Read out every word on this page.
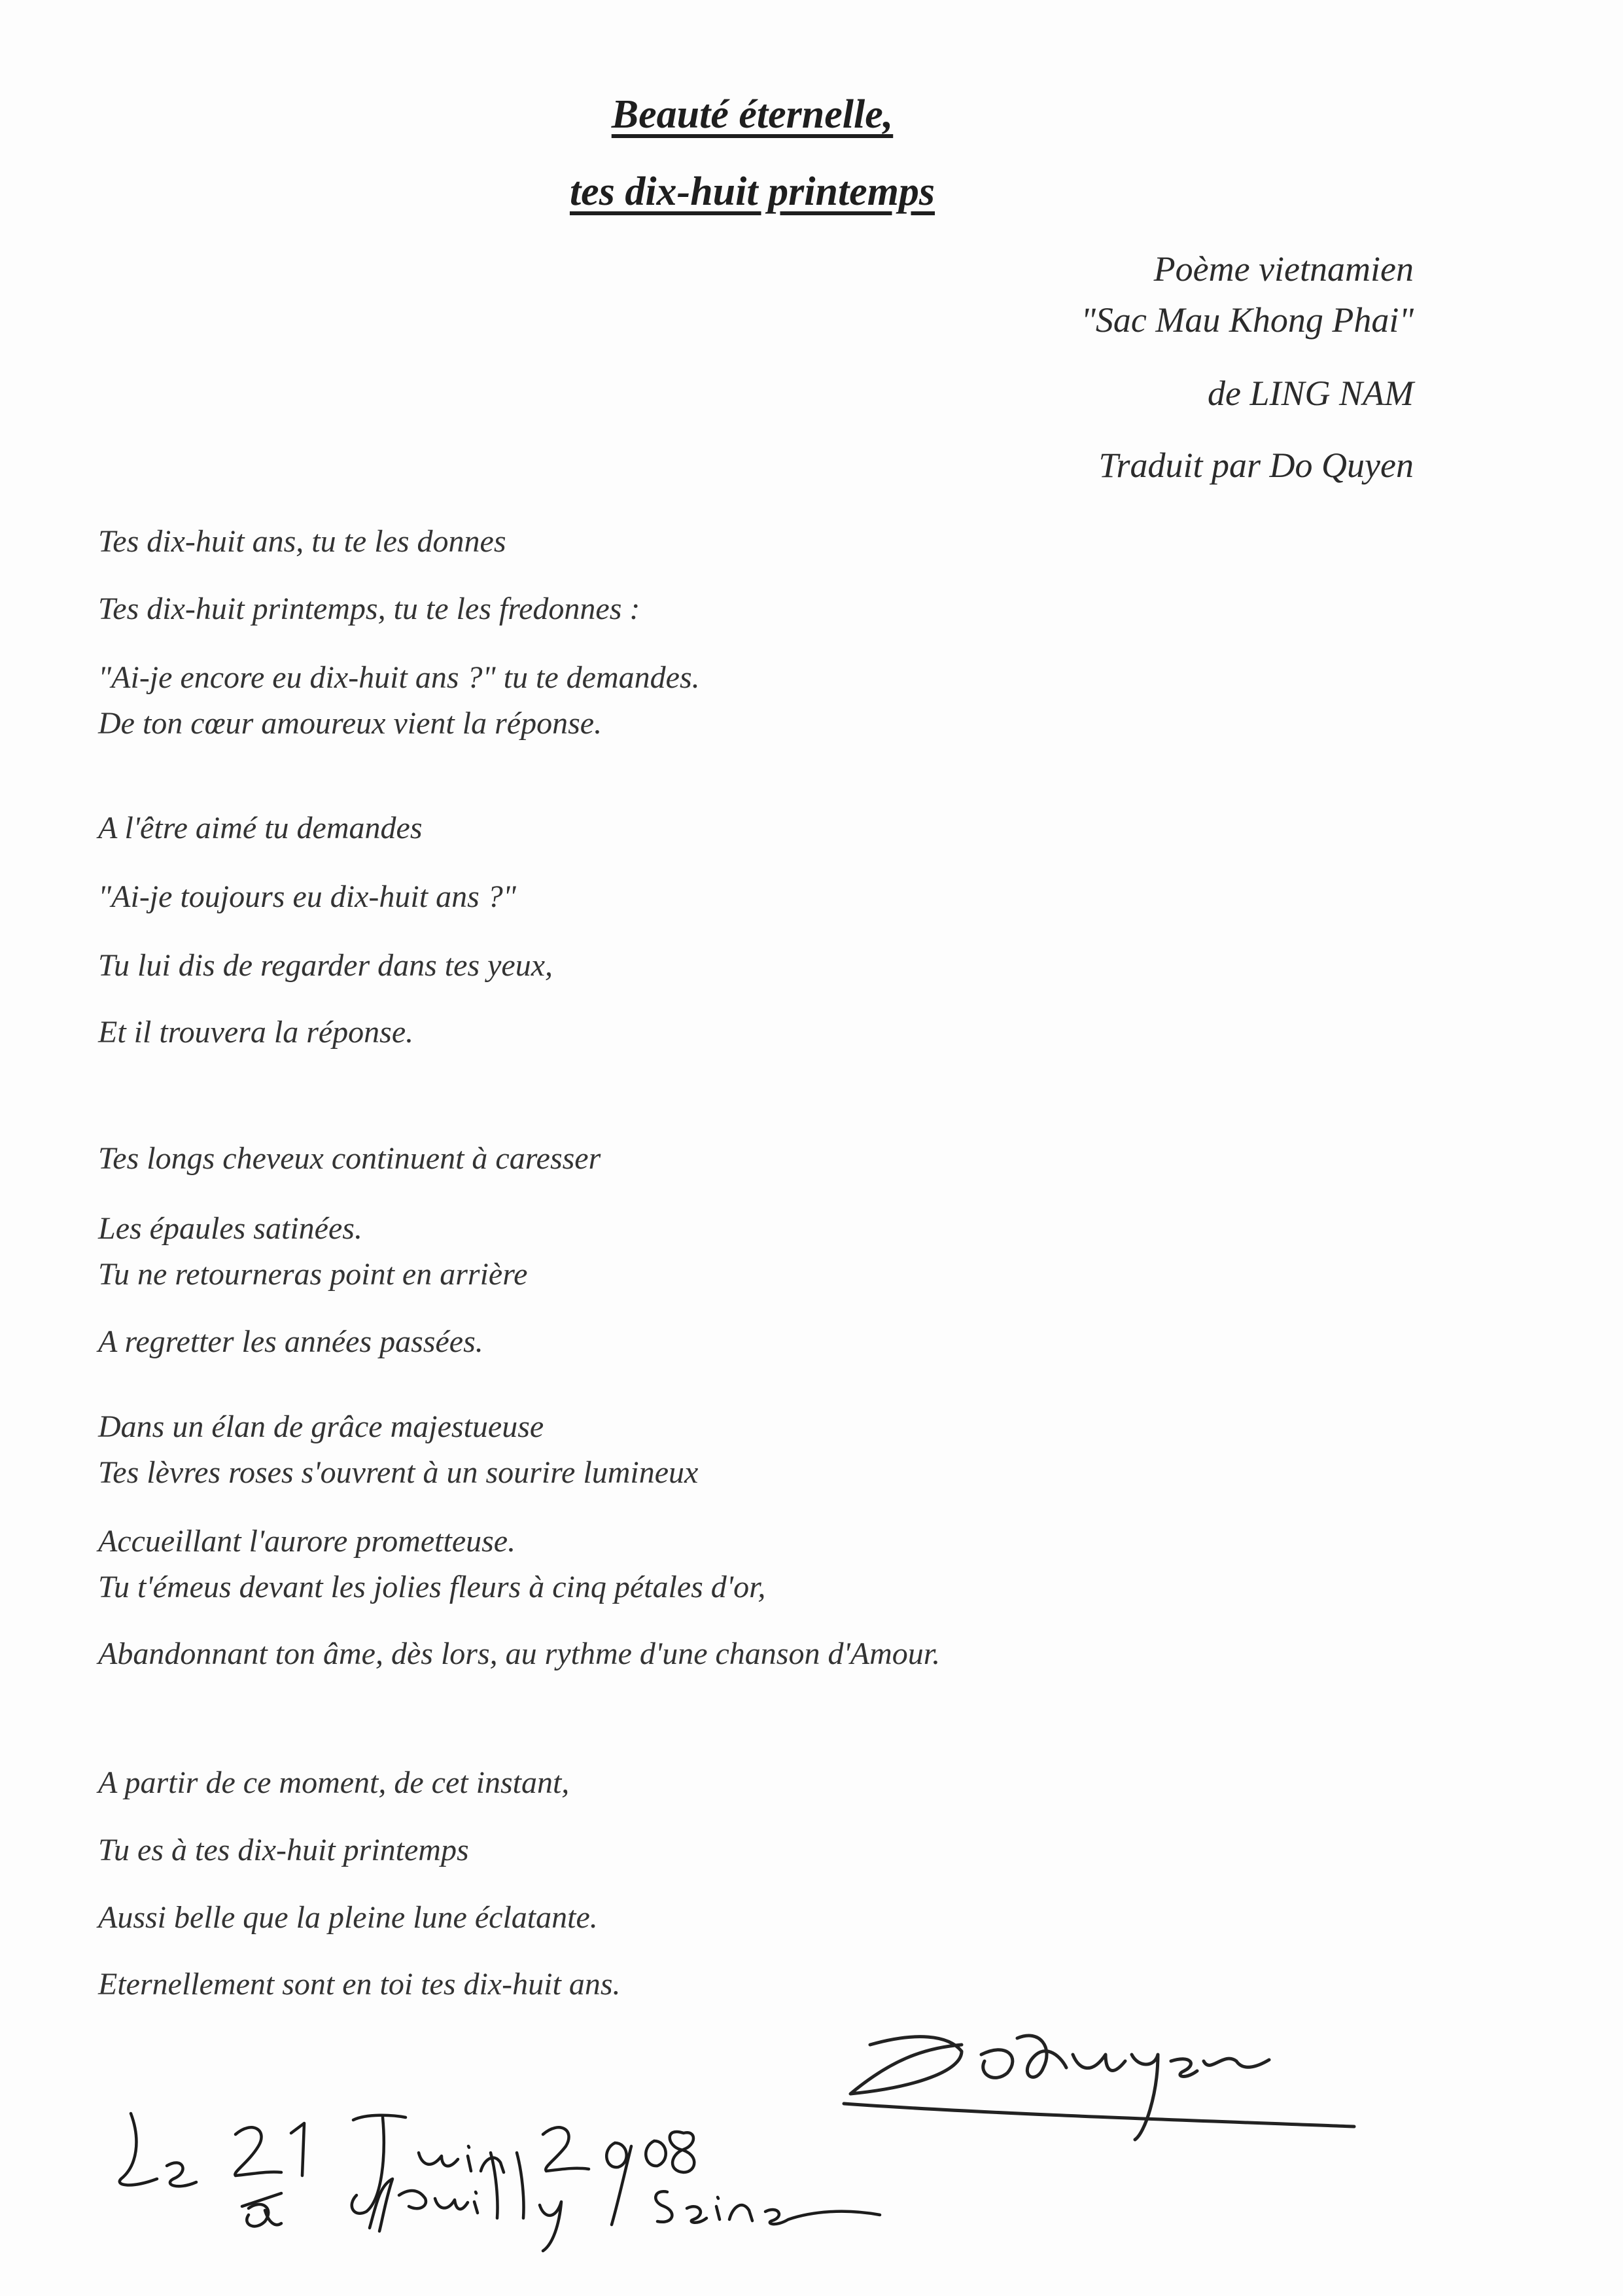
Beauté éternelle,
tes dix-huit printemps
Poème vietnamien
"Sac Mau Khong Phai"
de LING NAM
Traduit par Do Quyen
Tes dix-huit ans, tu te les donnes
Tes dix-huit printemps, tu te les fredonnes :
"Ai-je encore eu dix-huit ans ?" tu te demandes.
De ton cœur amoureux vient la réponse.
A l'être aimé tu demandes
"Ai-je toujours eu dix-huit ans ?"
Tu lui dis de regarder dans tes yeux,
Et il trouvera la réponse.
Tes longs cheveux continuent à caresser
Les épaules satinées.
Tu ne retourneras point en arrière
A regretter les années passées.
Dans un élan de grâce majestueuse
Tes lèvres roses s'ouvrent à un sourire lumineux
Accueillant l'aurore prometteuse.
Tu t'émeus devant les jolies fleurs à cinq pétales d'or,
Abandonnant ton âme, dès lors, au rythme d'une chanson d'Amour.
A partir de ce moment, de cet instant,
Tu es à tes dix-huit printemps
Aussi belle que la pleine lune éclatante.
Eternellement sont en toi tes dix-huit ans.
